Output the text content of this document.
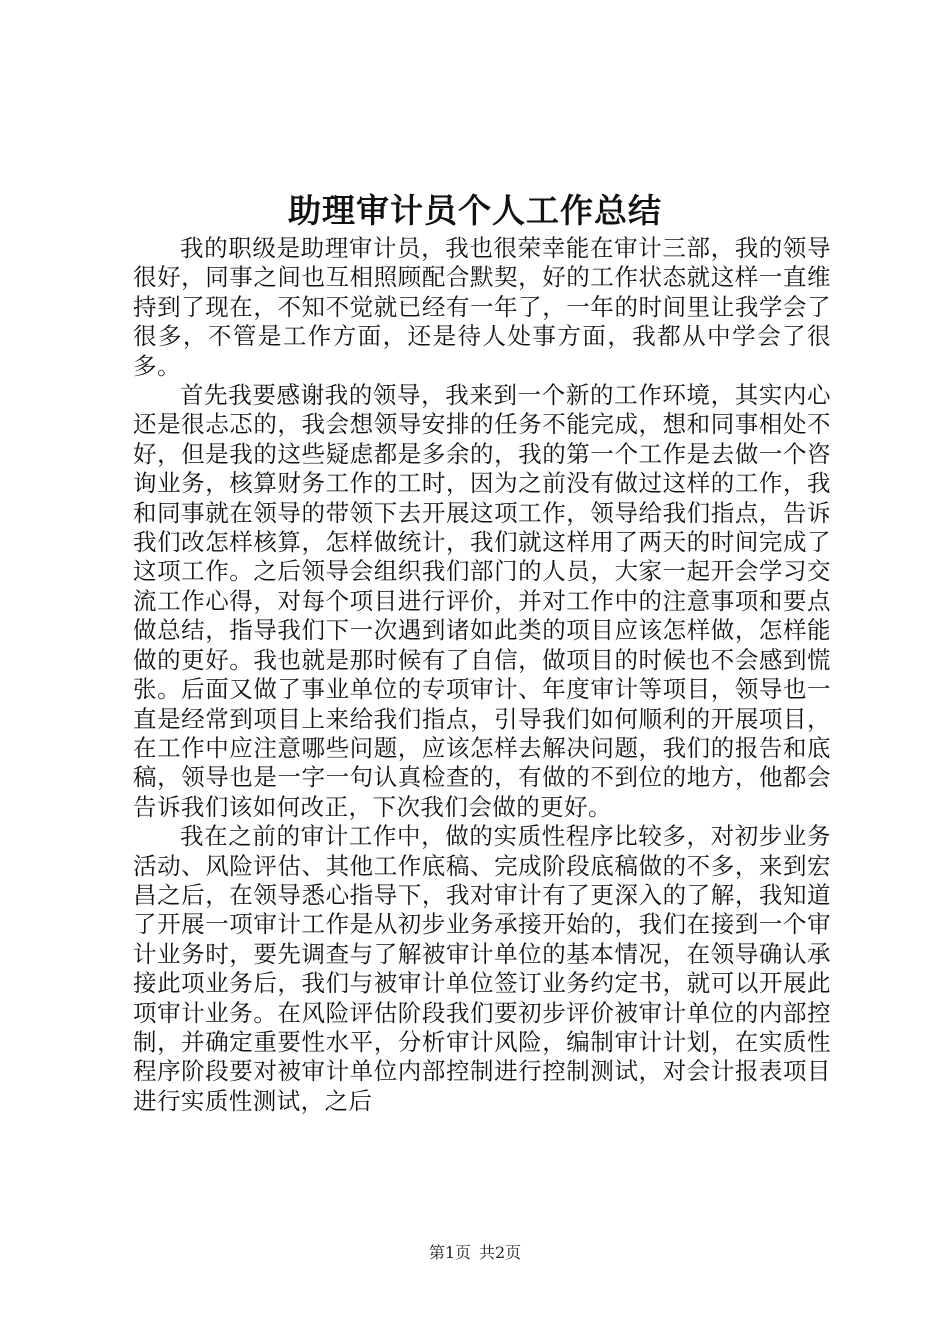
助理审计员个人工作总结

我的职级是助理审计员，我也很荣幸能在审计三部，我的领导很好，同事之间也互相照顾配合默契，好的工作状态就这样一直维持到了现在，不知不觉就已经有一年了，一年的时间里让我学会了很多，不管是工作方面，还是待人处事方面，我都从中学会了很多。

首先我要感谢我的领导，我来到一个新的工作环境，其实内心还是很忐忑的，我会想领导安排的任务不能完成，想和同事相处不好，但是我的这些疑虑都是多余的，我的第一个工作是去做一个咨询业务，核算财务工作的工时，因为之前没有做过这样的工作，我和同事就在领导的带领下去开展这项工作，领导给我们指点，告诉我们改怎样核算，怎样做统计，我们就这样用了两天的时间完成了这项工作。之后领导会组织我们部门的人员，大家一起开会学习交流工作心得，对每个项目进行评价，并对工作中的注意事项和要点做总结，指导我们下一次遇到诸如此类的项目应该怎样做，怎样能做的更好。我也就是那时候有了自信，做项目的时候也不会感到慌张。后面又做了事业单位的专项审计、年度审计等项目，领导也一直是经常到项目上来给我们指点，引导我们如何顺利的开展项目，在工作中应注意哪些问题，应该怎样去解决问题，我们的报告和底稿，领导也是一字一句认真检查的，有做的不到位的地方，他都会告诉我们该如何改正，下次我们会做的更好。

我在之前的审计工作中，做的实质性程序比较多，对初步业务活动、风险评估、其他工作底稿、完成阶段底稿做的不多，来到宏昌之后，在领导悉心指导下，我对审计有了更深入的了解，我知道了开展一项审计工作是从初步业务承接开始的，我们在接到一个审计业务时，要先调查与了解被审计单位的基本情况，在领导确认承接此项业务后，我们与被审计单位签订业务约定书，就可以开展此项审计业务。在风险评估阶段我们要初步评价被审计单位的内部控制，并确定重要性水平，分析审计风险，编制审计计划，在实质性程序阶段要对被审计单位内部控制进行控制测试，对会计报表项目进行实质性测试，之后

第1页 共2页
